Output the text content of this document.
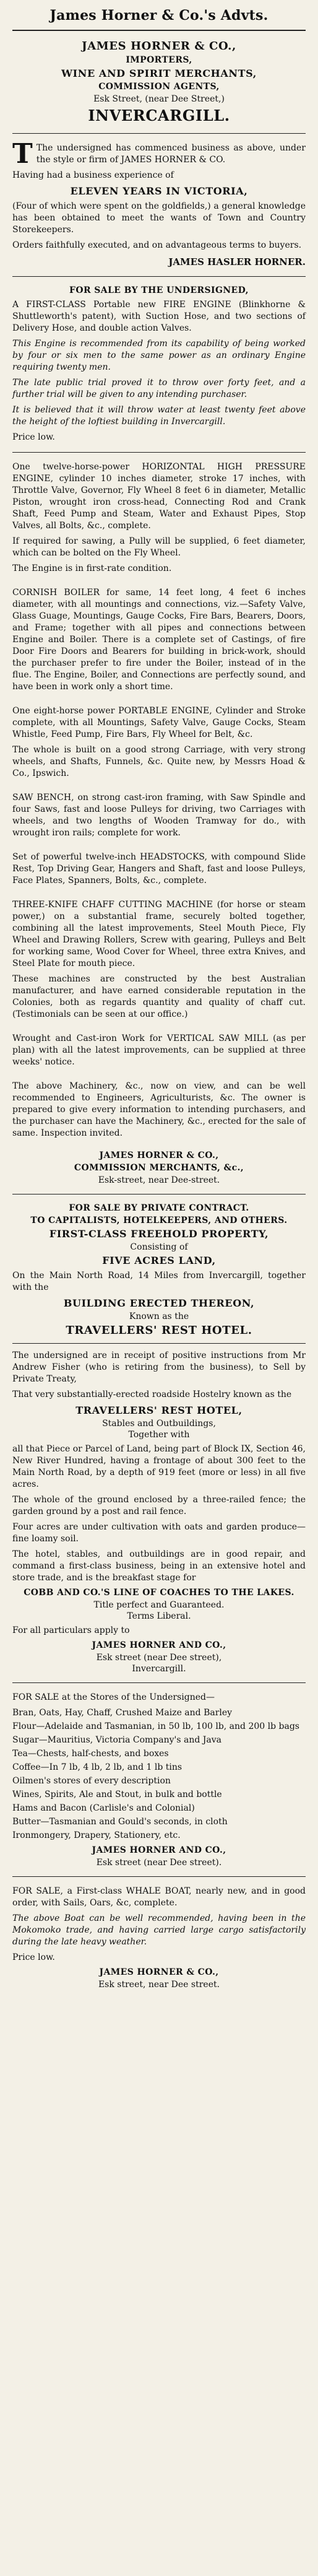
James Horner & Co.'s Advts.
JAMES HORNER & CO.,
IMPORTERS,
WINE AND SPIRIT MERCHANTS,
COMMISSION AGENTS,
Esk Street, (near Dee Street,)
INVERCARGILL.
T The undersigned has commenced business as above, under the style or firm of JAMES HORNER & CO.
Having had a business experience of
ELEVEN YEARS IN VICTORIA,
(Four of which were spent on the goldfields,) a general knowledge has been obtained to meet the wants of Town and Country Storekeepers.
Orders faithfully executed, and on advantageous terms to buyers.
JAMES HASLER HORNER.
FOR SALE BY THE UNDERSIGNED,
A FIRST-CLASS Portable new FIRE ENGINE (Blinkhorne & Shuttleworth's patent), with Suction Hose, and two sections of Delivery Hose, and double action Valves.
This Engine is recommended from its capability of being worked by four or six men to the same power as an ordinary Engine requiring twenty men.
The late public trial proved it to throw over forty feet, and a further trial will be given to any intending purchaser.
It is believed that it will throw water at least twenty feet above the height of the loftiest building in Invercargill.
Price low.
One twelve-horse-power HORIZONTAL HIGH PRESSURE ENGINE, cylinder 10 inches diameter, stroke 17 inches, with Throttle Valve, Governor, Fly Wheel 8 feet 6 in diameter, Metallic Piston, wrought iron cross-head, Connecting Rod and Crank Shaft, Feed Pump and Steam, Water and Exhaust Pipes, Stop Valves, all Bolts, &c., complete.
If required for sawing, a Pully will be supplied, 6 feet diameter, which can be bolted on the Fly Wheel.
The Engine is in first-rate condition.
CORNISH BOILER for same, 14 feet long, 4 feet 6 inches diameter, with all mountings and connections, viz.—Safety Valve, Glass Guage, Mountings, Gauge Cocks, Fire Bars, Bearers, Doors, and Frame; together with all pipes and connections between Engine and Boiler. There is a complete set of Castings, of fire Door Fire Doors and Bearers for building in brick-work, should the purchaser prefer to fire under the Boiler, instead of in the flue. The Engine, Boiler, and Connections are perfectly sound, and have been in work only a short time.
One eight-horse power PORTABLE ENGINE, Cylinder and Stroke complete, with all Mountings, Safety Valve, Gauge Cocks, Steam Whistle, Feed Pump, Fire Bars, Fly Wheel for Belt, &c.
The whole is built on a good strong Carriage, with very strong wheels, and Shafts, Funnels, &c. Quite new, by Messrs Hoad & Co., Ipswich.
SAW BENCH, on strong cast-iron framing, with Saw Spindle and four Saws, fast and loose Pulleys for driving, two Carriages with wheels, and two lengths of Wooden Tramway for do., with wrought iron rails; complete for work.
Set of powerful twelve-inch HEADSTOCKS, with compound Slide Rest, Top Driving Gear, Hangers and Shaft, fast and loose Pulleys, Face Plates, Spanners, Bolts, &c., complete.
THREE-KNIFE CHAFF CUTTING MACHINE (for horse or steam power,) on a substantial frame, securely bolted together, combining all the latest improvements, Steel Mouth Piece, Fly Wheel and Drawing Rollers, Screw with gearing, Pulleys and Belt for working same, Wood Cover for Wheel, three extra Knives, and Steel Plate for mouth piece.
These machines are constructed by the best Australian manufacturer, and have earned considerable reputation in the Colonies, both as regards quantity and quality of chaff cut. (Testimonials can be seen at our office.)
Wrought and Cast-iron Work for VERTICAL SAW MILL (as per plan) with all the latest improvements, can be supplied at three weeks' notice.
The above Machinery, &c., now on view, and can be well recommended to Engineers, Agriculturists, &c. The owner is prepared to give every information to intending purchasers, and the purchaser can have the Machinery, &c., erected for the sale of same. Inspection invited.
JAMES HORNER & CO.,
COMMISSION MERCHANTS, &c.,
Esk-street, near Dee-street.
FOR SALE BY PRIVATE CONTRACT.
TO CAPITALISTS, HOTELKEEPERS, AND OTHERS.
FIRST-CLASS FREEHOLD PROPERTY,
Consisting of
FIVE ACRES LAND,
On the Main North Road, 14 Miles from Invercargill, together with the
BUILDING ERECTED THEREON,
Known as the
TRAVELLERS' REST HOTEL.
The undersigned are in receipt of positive instructions from Mr Andrew Fisher (who is retiring from the business), to Sell by Private Treaty,
That very substantially-erected roadside Hostelry known as the
TRAVELLERS' REST HOTEL,
Stables and Outbuildings,
Together with
all that Piece or Parcel of Land, being part of Block IX, Section 46, New River Hundred, having a frontage of about 300 feet to the Main North Road, by a depth of 919 feet (more or less) in all five acres.
The whole of the ground enclosed by a three-railed fence; the garden ground by a post and rail fence.
Four acres are under cultivation with oats and garden produce—fine loamy soil.
The hotel, stables, and outbuildings are in good repair, and command a first-class business, being in an extensive hotel and store trade, and is the breakfast stage for
COBB AND CO.'S LINE OF COACHES TO THE LAKES.
Title perfect and Guaranteed.
Terms Liberal.
For all particulars apply to
JAMES HORNER AND CO.,
Esk street (near Dee street),
Invercargill.
FOR SALE at the Stores of the Undersigned—
Bran, Oats, Hay, Chaff, Crushed Maize and Barley
Flour—Adelaide and Tasmanian, in 50 lb, 100 lb, and 200 lb bags
Sugar—Mauritius, Victoria Company's and Java
Tea—Chests, half-chests, and boxes
Coffee—In 7 lb, 4 lb, 2 lb, and 1 lb tins
Oilmen's stores of every description
Wines, Spirits, Ale and Stout, in bulk and bottle
Hams and Bacon (Carlisle's and Colonial)
Butter—Tasmanian and Gould's seconds, in cloth
Ironmongery, Drapery, Stationery, etc.
JAMES HORNER AND CO.,
Esk street (near Dee street).
FOR SALE, a First-class WHALE BOAT, nearly new, and in good order, with Sails, Oars, &c, complete.
The above Boat can be well recommended, having been in the Mokomoko trade, and having carried large cargo satisfactorily during the late heavy weather.
Price low.
JAMES HORNER & CO.,
Esk street, near Dee street.
